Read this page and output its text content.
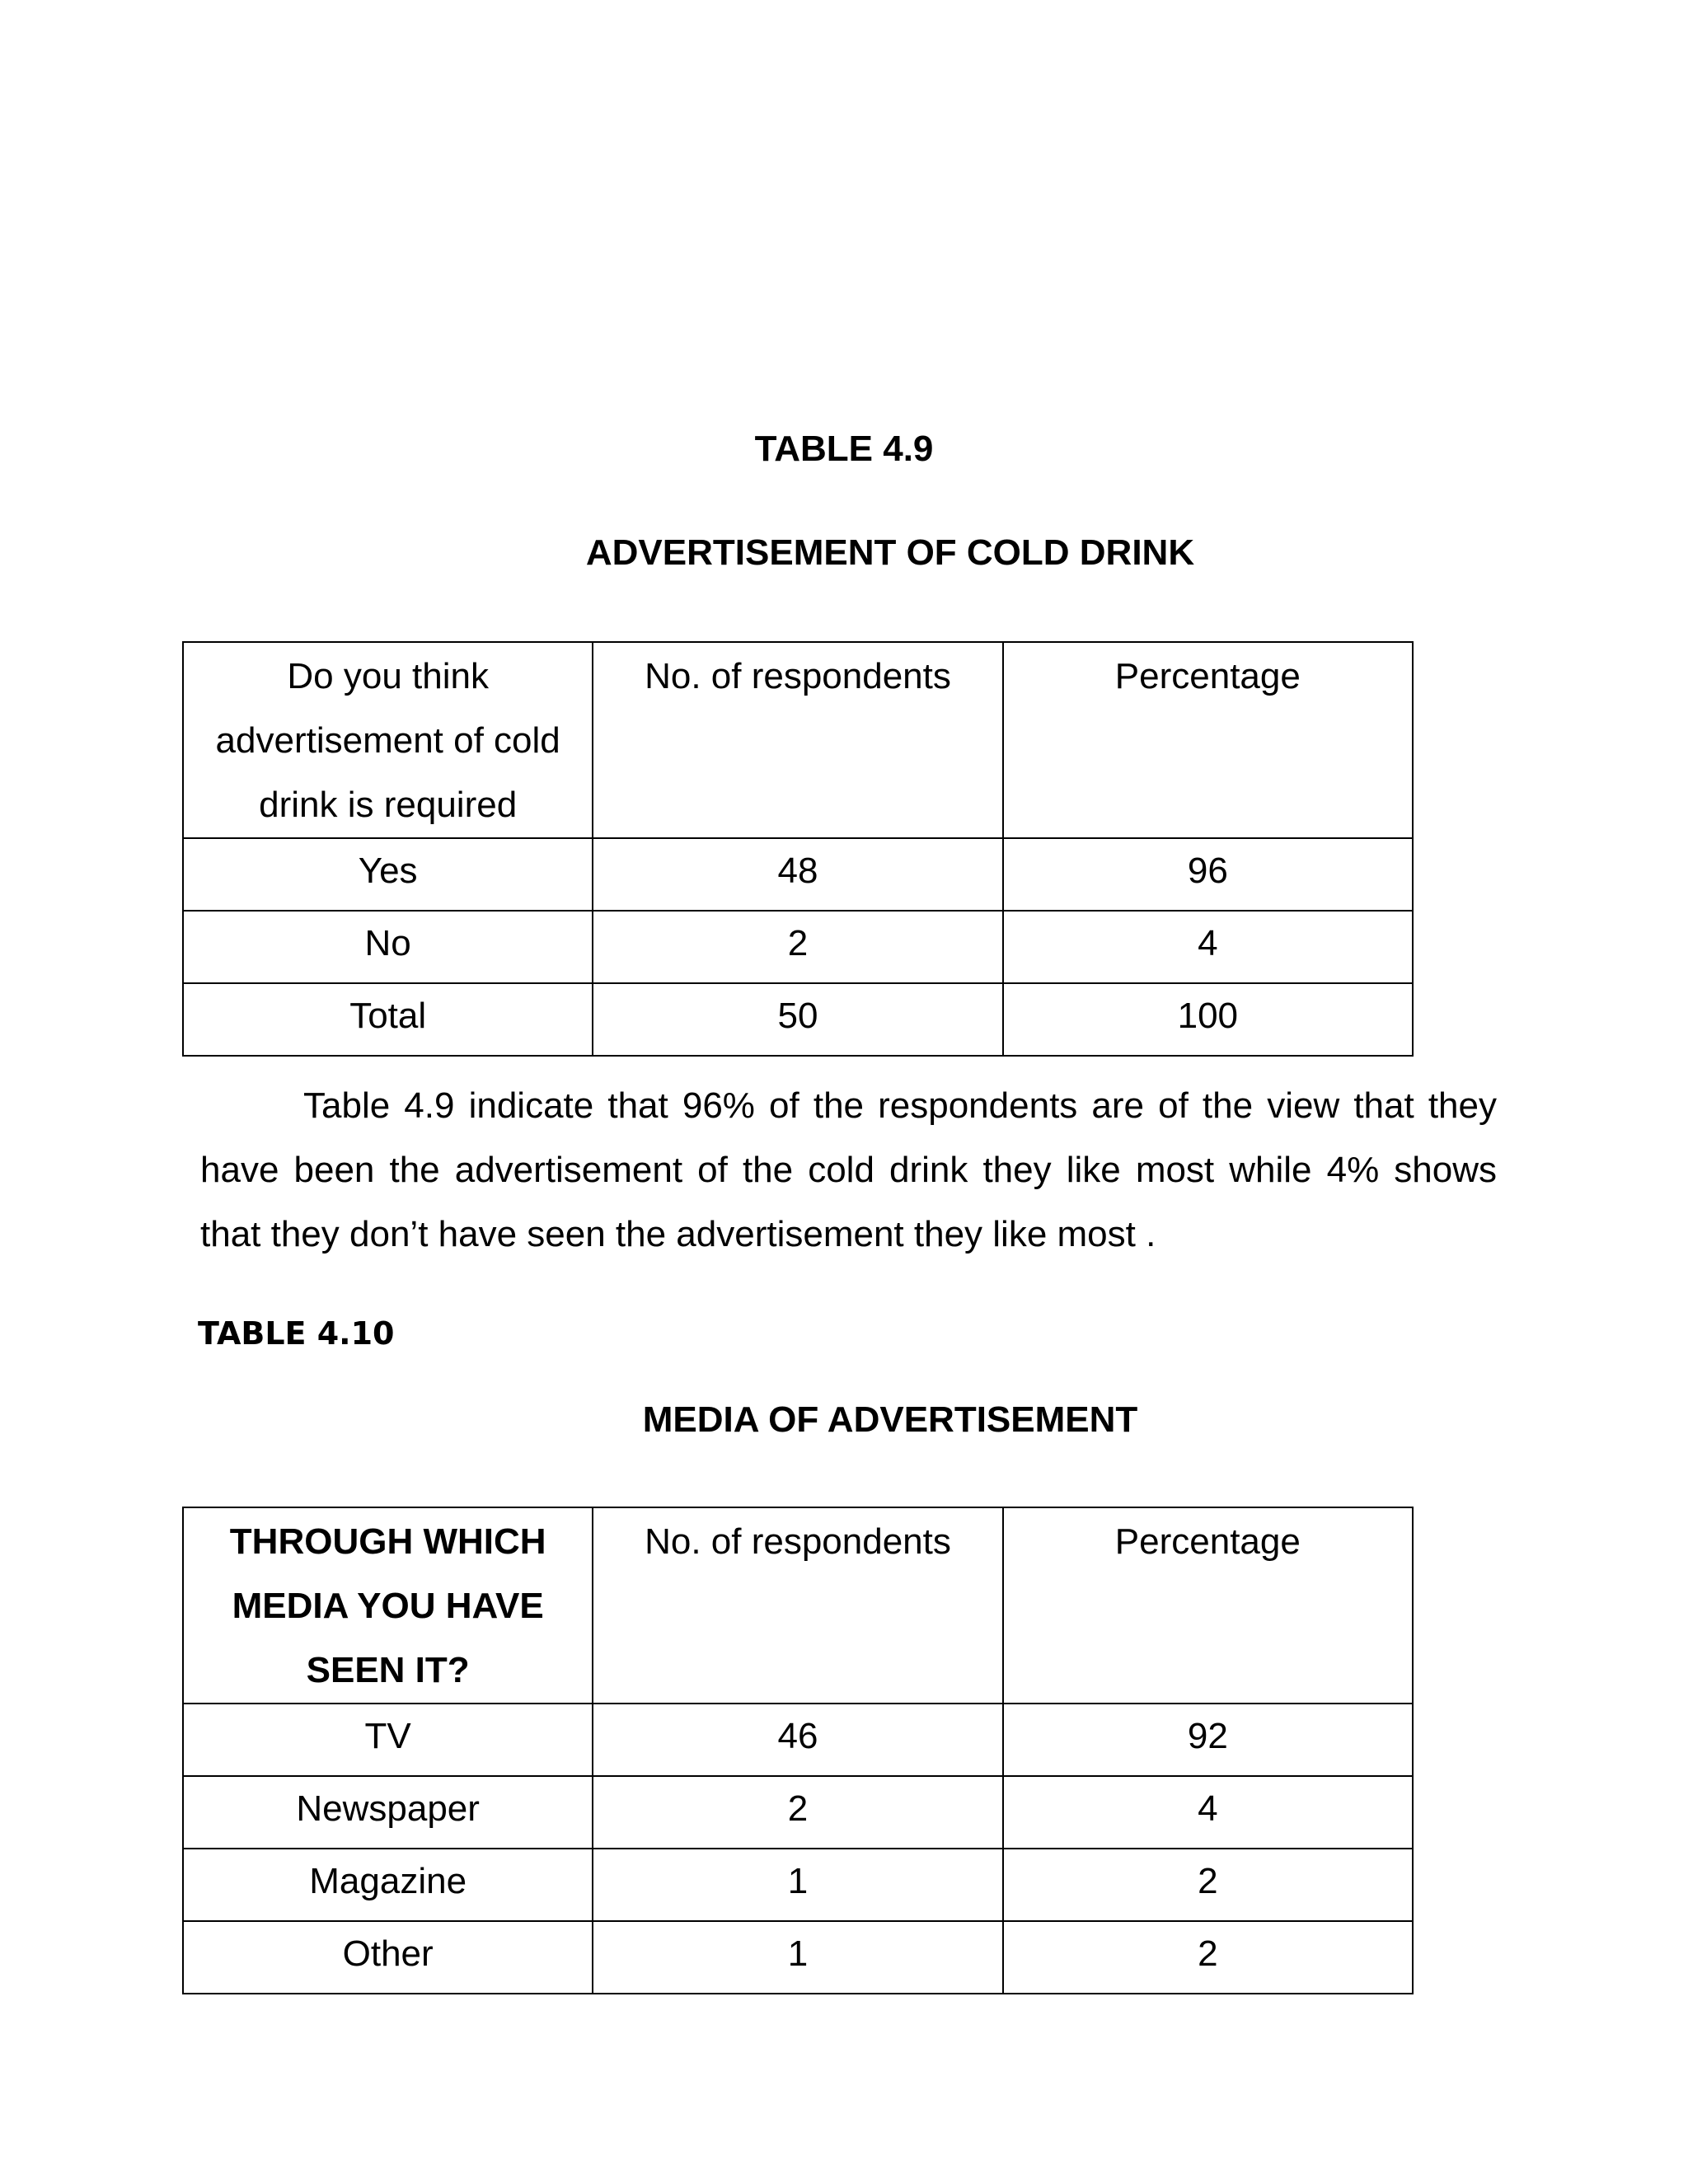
TABLE 4.9
ADVERTISEMENT OF COLD DRINK
Do you think advertisement of cold drink is required	No. of respondents	Percentage
Yes	48	96
No	2	4
Total	50	100

Table 4.9 indicate that 96% of the respondents are of the view that they have been the advertisement of the cold drink they like most while 4% shows that they don’t have seen the advertisement they like most .

TABLE 4.10
MEDIA OF ADVERTISEMENT
THROUGH WHICH MEDIA YOU HAVE SEEN IT?	No. of respondents	Percentage
TV	46	92
Newspaper	2	4
Magazine	1	2
Other	1	2
